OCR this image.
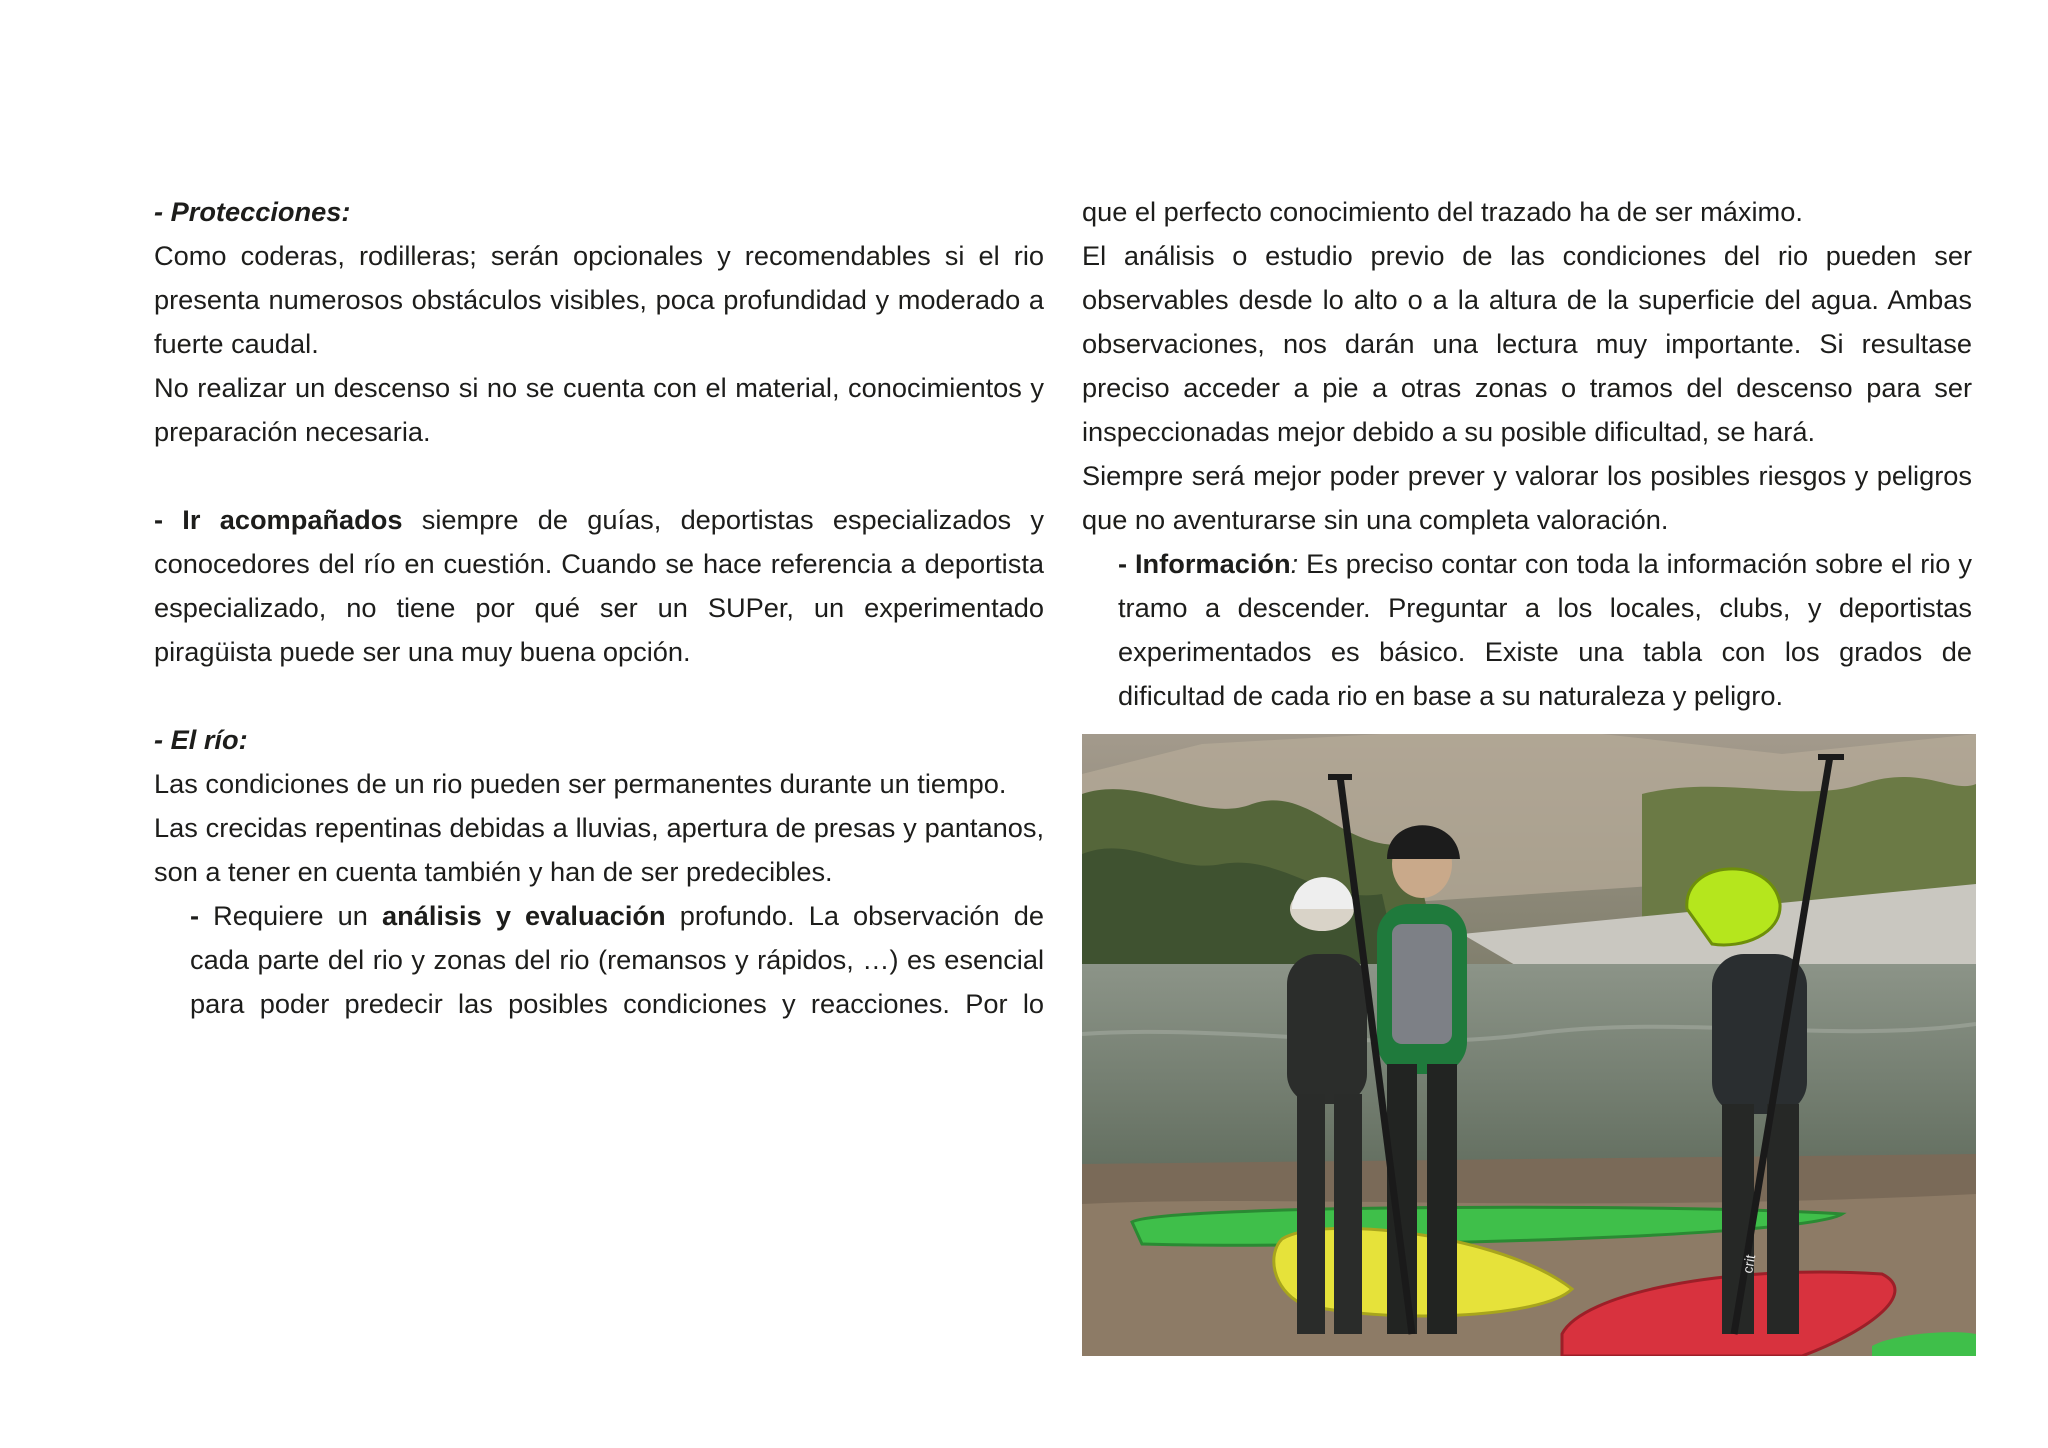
- Protecciones:

Como coderas, rodilleras; serán opcionales y recomendables si el rio presenta numerosos obstáculos visibles, poca profundidad y moderado a fuerte caudal.

No realizar un descenso si no se cuenta con el material, conocimientos y preparación necesaria.

- Ir acompañados siempre de guías, deportistas especializados y conocedores del río en cuestión. Cuando se hace referencia a deportista especializado, no tiene por qué ser un SUPer, un experimentado piragüista puede ser una muy buena opción.

- El río:

Las condiciones de un rio pueden ser permanentes durante un tiempo.

Las crecidas repentinas debidas a lluvias, apertura de presas y pantanos, son a tener en cuenta también y han de ser predecibles.

- Requiere un análisis y evaluación profundo. La observación de cada parte del rio y zonas del rio (remansos y rápidos, …) es esencial para poder predecir las posibles condiciones y reacciones. Por lo

que el perfecto conocimiento del trazado ha de ser máximo.

El análisis o estudio previo de las condiciones del rio pueden ser observables desde lo alto o a la altura de la superficie del agua. Ambas observaciones, nos darán una lectura muy importante. Si resultase preciso acceder a pie a otras zonas o tramos del descenso para ser inspeccionadas mejor debido a su posible dificultad, se hará.

Siempre será mejor poder prever y valorar los posibles riesgos y peligros que no aventurarse sin una completa valoración.

- Información: Es preciso contar con toda la información sobre el rio y tramo a descender. Preguntar a los locales, clubs, y deportistas experimentados es básico. Existe una tabla con los grados de dificultad de cada rio en base a su naturaleza y peligro.

crit
